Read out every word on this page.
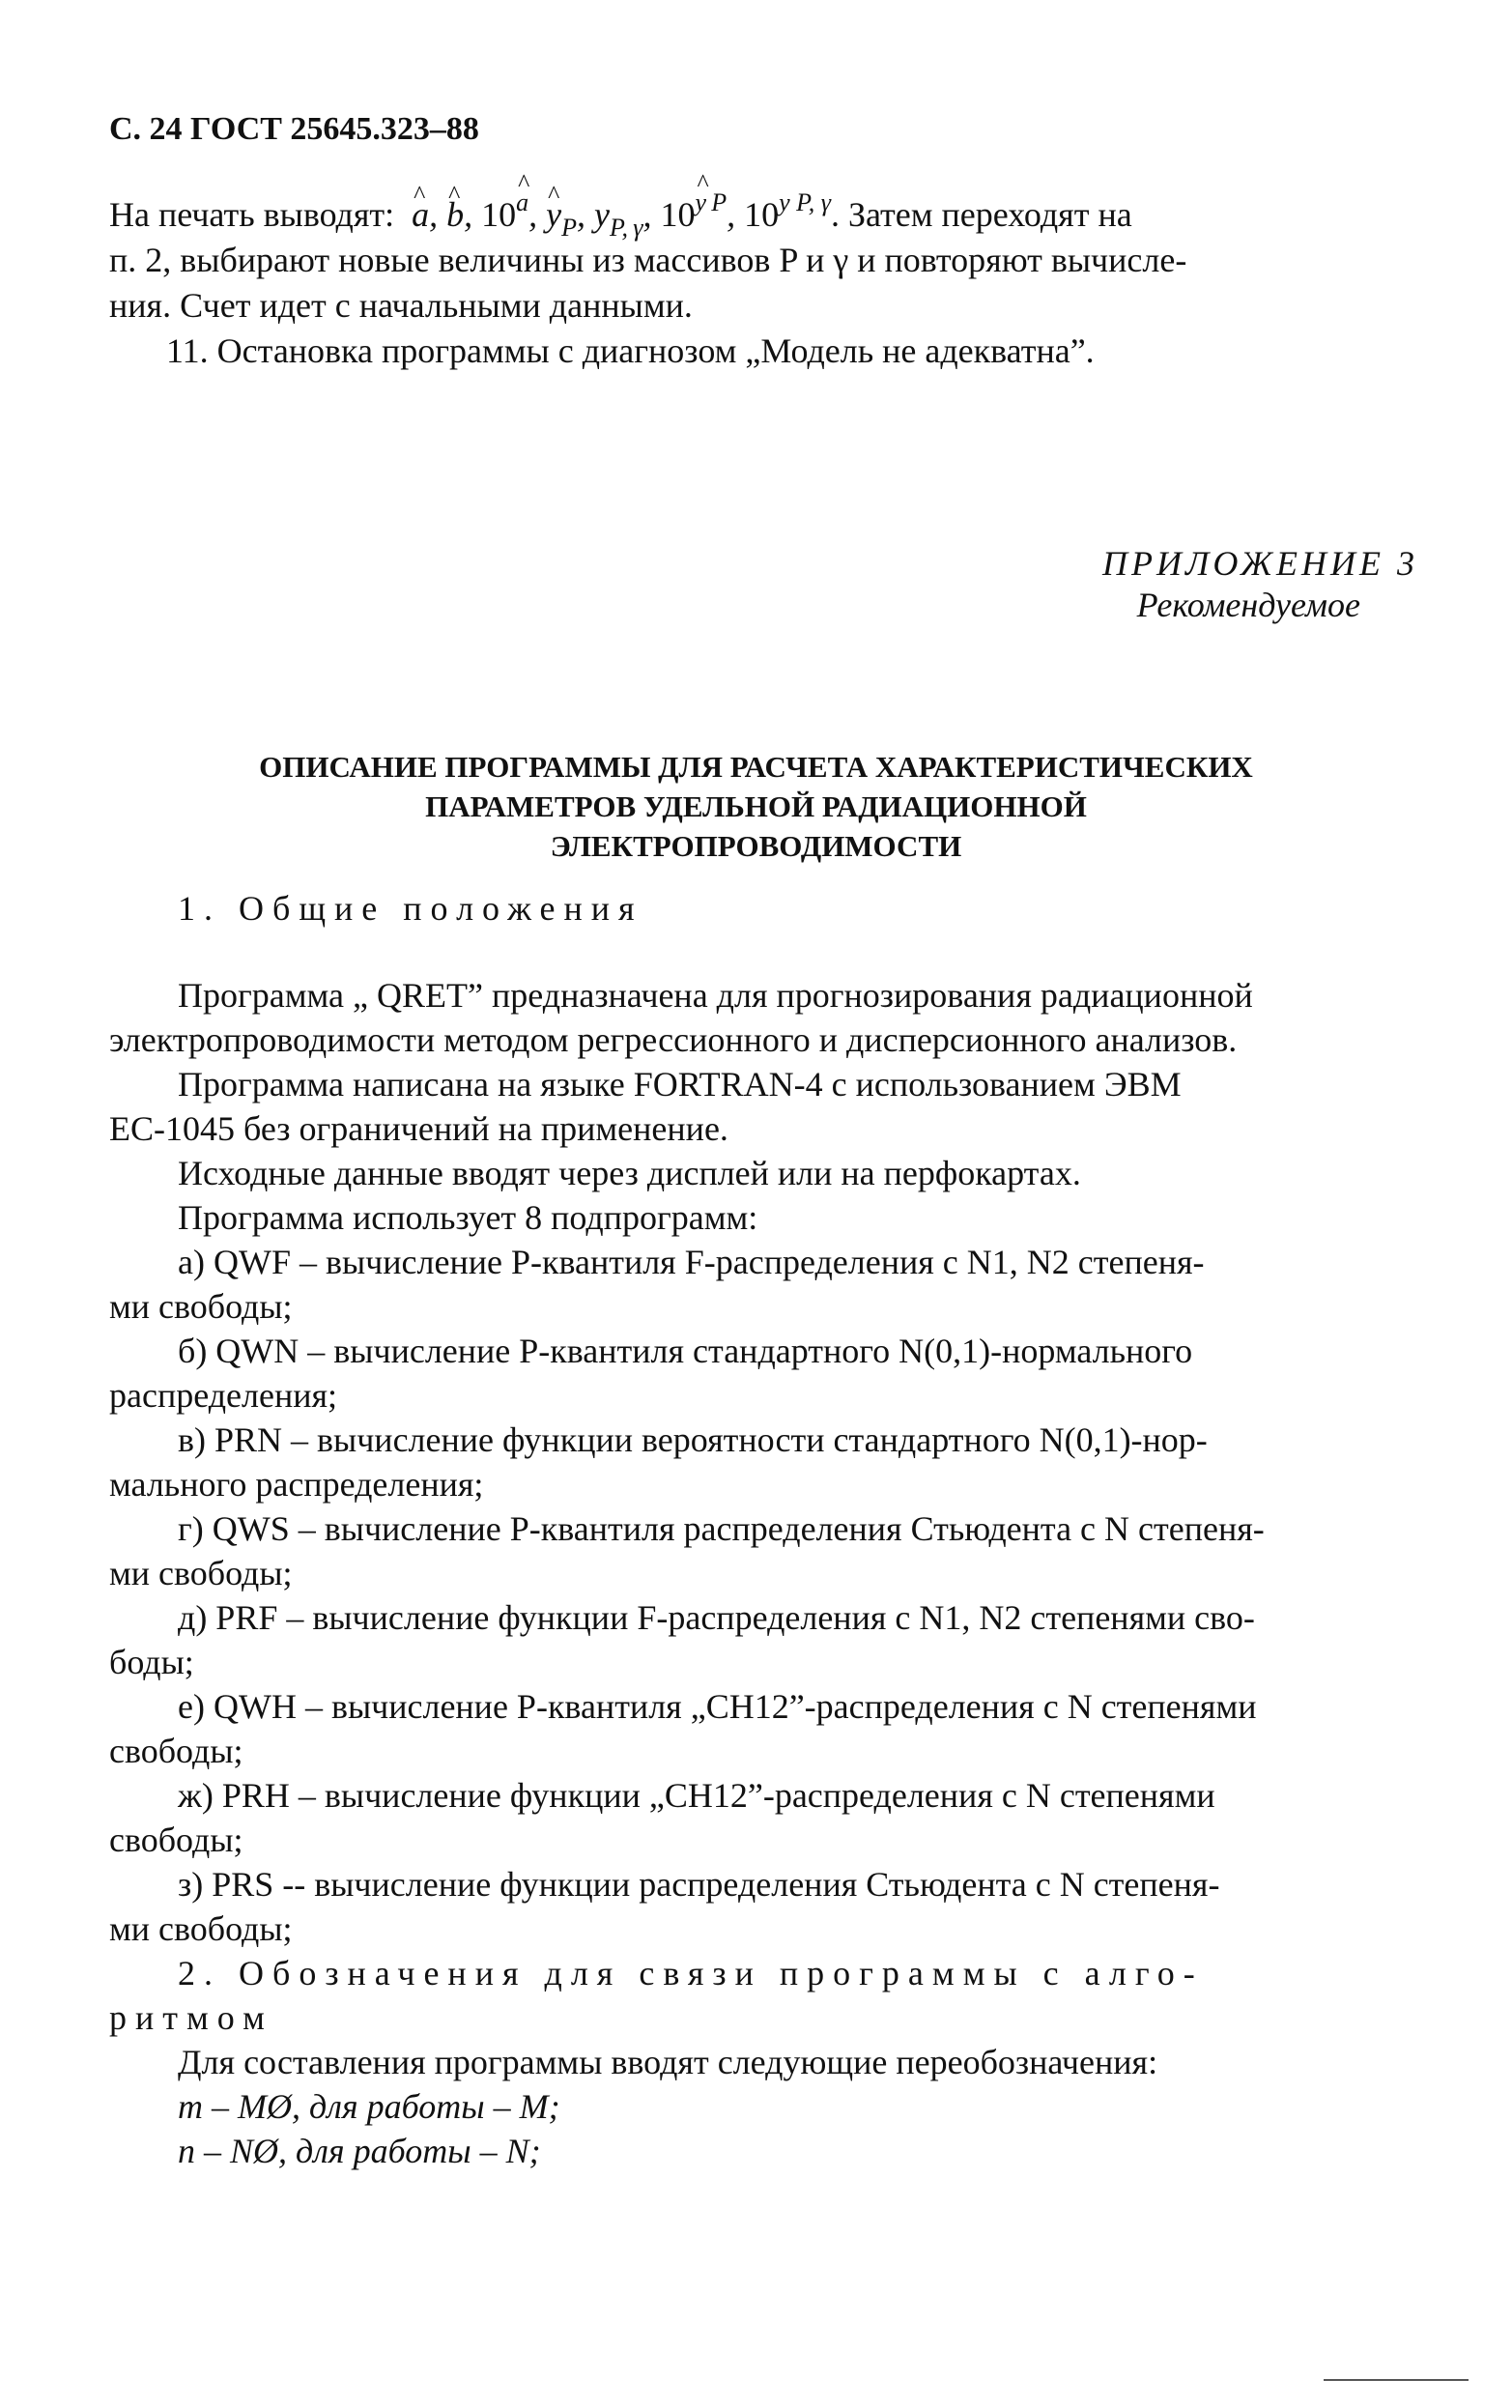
С. 24 ГОСТ 25645.323–88
На печать выводят: a ^, b ^, 10$^a$ ^, y $\^{}_P$, $y_{P, \gamma}$, $10^{y \^{} P}$, $10^{y P, \gamma}$. Затем переходят на
п. 2, выбирают новые величины из массивов P и γ и повторяют вычисле-
ния. Счет идет с начальными данными.
11. Остановка программы с диагнозом „Модель не адекватна”.
ПРИЛОЖЕНИЕ 3
Рекомендуемое
ОПИСАНИЕ ПРОГРАММЫ ДЛЯ РАСЧЕТА ХАРАКТЕРИСТИЧЕСКИХ
ПАРАМЕТРОВ УДЕЛЬНОЙ РАДИАЦИОННОЙ
ЭЛЕКТРОПРОВОДИМОСТИ
1. Общие положения
Программа „ QRET” предназначена для прогнозирования радиационной
электропроводимости методом регрессионного и дисперсионного анализов.
Программа написана на языке FORTRAN-4 с использованием ЭВМ
ЕС-1045 без ограничений на применение.
Исходные данные вводят через дисплей или на перфокартах.
Программа использует 8 подпрограмм:
а) QWF – вычисление P-квантиля F-распределения с N1, N2 степеня-
ми свободы;
б) QWN – вычисление P-квантиля стандартного N(0,1)-нормального
распределения;
в) PRN – вычисление функции вероятности стандартного N(0,1)-нор-
мального распределения;
г) QWS – вычисление P-квантиля распределения Стьюдента с N степеня-
ми свободы;
д) PRF – вычисление функции F-распределения с N1, N2 степенями сво-
боды;
е) QWH – вычисление P-квантиля „CH12”-распределения с N степенями
свободы;
ж) PRH – вычисление функции „CH12”-распределения с N степенями
свободы;
з) PRS -- вычисление функции распределения Стьюдента с N степеня-
ми свободы;
2. Обозначения для связи программы с алго-
ритмом
Для составления программы вводят следующие переобозначения:
m – MØ, для работы – M;
n – NØ, для работы – N;
